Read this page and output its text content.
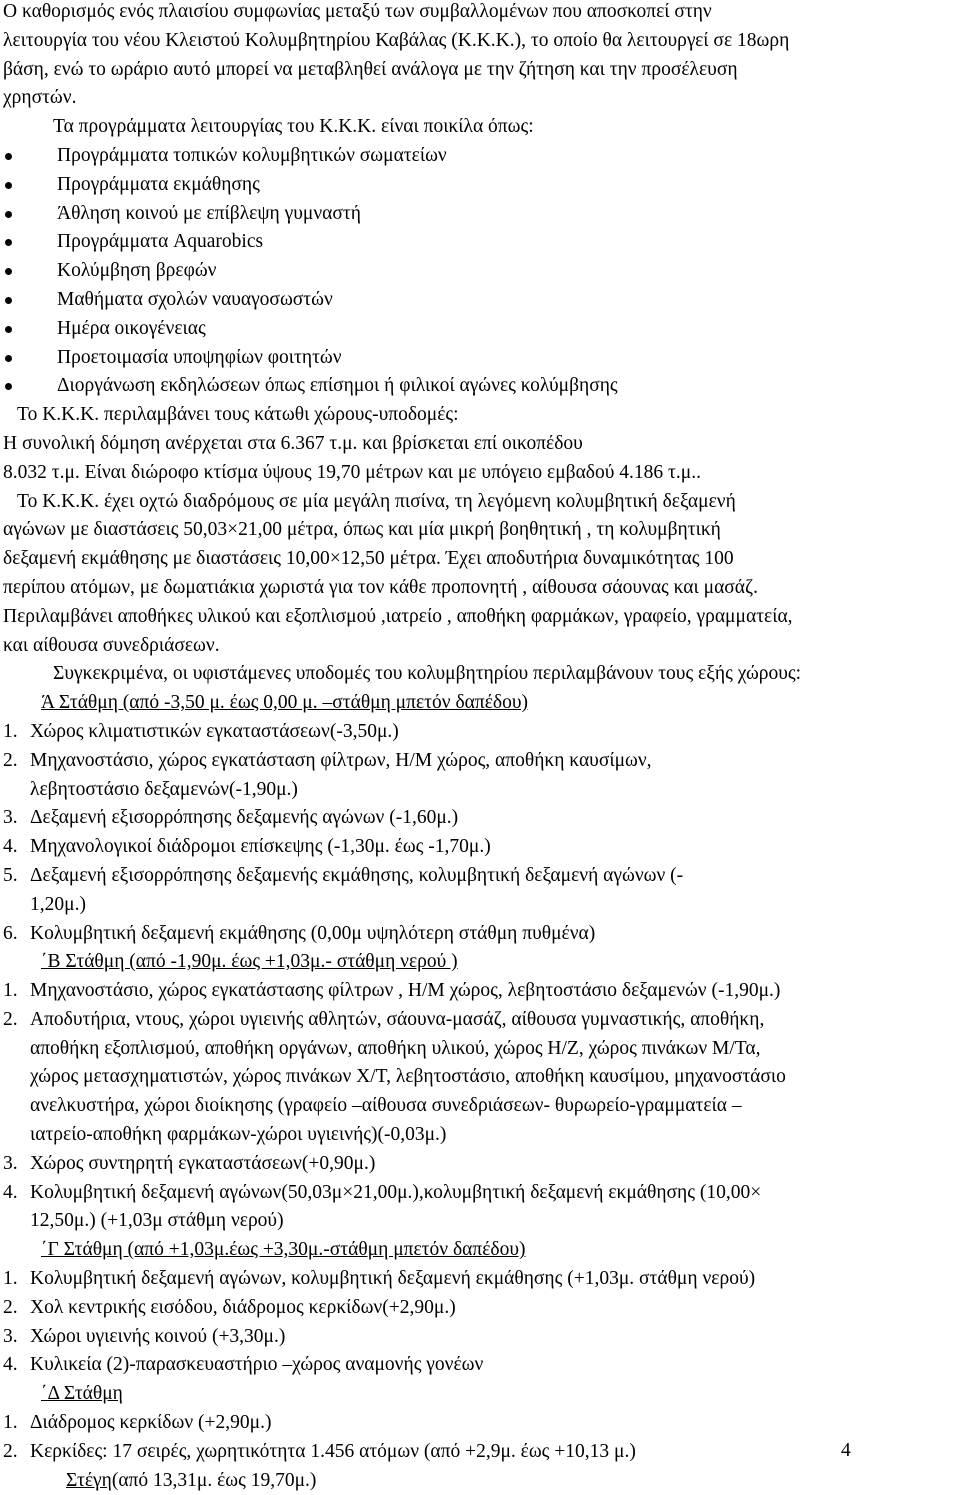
Ο καθορισμός ενός πλαισίου συμφωνίας μεταξύ των συμβαλλομένων που αποσκοπεί στην

λειτουργία του νέου Κλειστού Κολυμβητηρίου Καβάλας (Κ.Κ.Κ.), το οποίο θα λειτουργεί σε 18ωρη

βάση, ενώ το ωράριο αυτό μπορεί να μεταβληθεί ανάλογα με την ζήτηση και την προσέλευση

χρηστών.

Τα προγράμματα λειτουργίας του Κ.Κ.Κ. είναι ποικίλα όπως:

Προγράμματα τοπικών κολυμβητικών σωματείων
Προγράμματα εκμάθησης
Άθληση κοινού με επίβλεψη γυμναστή
Προγράμματα Aquarobics
Κολύμβηση βρεφών
Μαθήματα σχολών ναυαγοσωστών
Ημέρα οικογένειας
Προετοιμασία υποψηφίων φοιτητών
Διοργάνωση εκδηλώσεων όπως επίσημοι ή φιλικοί αγώνες κολύμβησης

Το Κ.Κ.Κ. περιλαμβάνει τους κάτωθι χώρους-υποδομές:

Η συνολική δόμηση ανέρχεται στα 6.367 τ.μ. και βρίσκεται επί οικοπέδου

8.032 τ.μ. Είναι διώροφο κτίσμα ύψους 19,70 μέτρων και με υπόγειο εμβαδού 4.186 τ.μ..

Το Κ.Κ.Κ. έχει οχτώ διαδρόμους σε μία μεγάλη πισίνα, τη λεγόμενη κολυμβητική δεξαμενή

αγώνων με διαστάσεις 50,03×21,00 μέτρα, όπως και μία μικρή βοηθητική , τη κολυμβητική

δεξαμενή εκμάθησης με διαστάσεις 10,00×12,50 μέτρα. Έχει αποδυτήρια δυναμικότητας 100

περίπου ατόμων, με δωματιάκια χωριστά για τον κάθε προπονητή , αίθουσα σάουνας και μασάζ.

Περιλαμβάνει αποθήκες υλικού και εξοπλισμού ,ιατρείο , αποθήκη φαρμάκων, γραφείο, γραμματεία,

και αίθουσα συνεδριάσεων.

Συγκεκριμένα, οι υφιστάμενες υποδομές του κολυμβητηρίου περιλαμβάνουν τους εξής χώρους:

Ά Στάθμη (από -3,50 μ. έως 0,00 μ. –στάθμη μπετόν δαπέδου)

1. Χώρος κλιματιστικών εγκαταστάσεων(-3,50μ.)

2. Μηχανοστάσιο, χώρος εγκατάσταση φίλτρων, Η/Μ χώρος, αποθήκη καυσίμων,

λεβητοστάσιο δεξαμενών(-1,90μ.)

3. Δεξαμενή εξισορρόπησης δεξαμενής αγώνων (-1,60μ.)

4. Μηχανολογικοί διάδρομοι επίσκεψης (-1,30μ. έως -1,70μ.)

5. Δεξαμενή εξισορρόπησης δεξαμενής εκμάθησης, κολυμβητική δεξαμενή αγώνων (-

1,20μ.)

6. Κολυμβητική δεξαμενή εκμάθησης (0,00μ υψηλότερη στάθμη πυθμένα)

΄Β Στάθμη (από -1,90μ. έως +1,03μ.- στάθμη νερού )

1. Μηχανοστάσιο, χώρος εγκατάστασης φίλτρων , Η/Μ χώρος, λεβητοστάσιο δεξαμενών (-1,90μ.)

2. Αποδυτήρια, ντους, χώροι υγιεινής αθλητών, σάουνα-μασάζ, αίθουσα γυμναστικής, αποθήκη,

αποθήκη εξοπλισμού, αποθήκη οργάνων, αποθήκη υλικού, χώρος Η/Ζ, χώρος πινάκων Μ/Τα,

χώρος μετασχηματιστών, χώρος πινάκων Χ/Τ, λεβητοστάσιο, αποθήκη καυσίμου, μηχανοστάσιο

ανελκυστήρα, χώροι διοίκησης (γραφείο –αίθουσα συνεδριάσεων- θυρωρείο-γραμματεία –

ιατρείο-αποθήκη φαρμάκων-χώροι υγιεινής)(-0,03μ.)

3. Χώρος συντηρητή εγκαταστάσεων(+0,90μ.)

4. Κολυμβητική δεξαμενή αγώνων(50,03μ×21,00μ.),κολυμβητική δεξαμενή εκμάθησης (10,00×

12,50μ.) (+1,03μ στάθμη νερού)

΄Γ Στάθμη (από +1,03μ.έως +3,30μ.-στάθμη μπετόν δαπέδου)

1. Κολυμβητική δεξαμενή αγώνων, κολυμβητική δεξαμενή εκμάθησης (+1,03μ. στάθμη νερού)

2. Χολ κεντρικής εισόδου, διάδρομος κερκίδων(+2,90μ.)

3. Χώροι υγιεινής κοινού (+3,30μ.)

4. Κυλικεία (2)-παρασκευαστήριο –χώρος αναμονής γονέων

΄Δ Στάθμη

1. Διάδρομος κερκίδων (+2,90μ.)

2. Κερκίδες: 17 σειρές, χωρητικότητα 1.456 ατόμων (από +2,9μ. έως +10,13 μ.)

Στέγη(από 13,31μ. έως 19,70μ.)

4
